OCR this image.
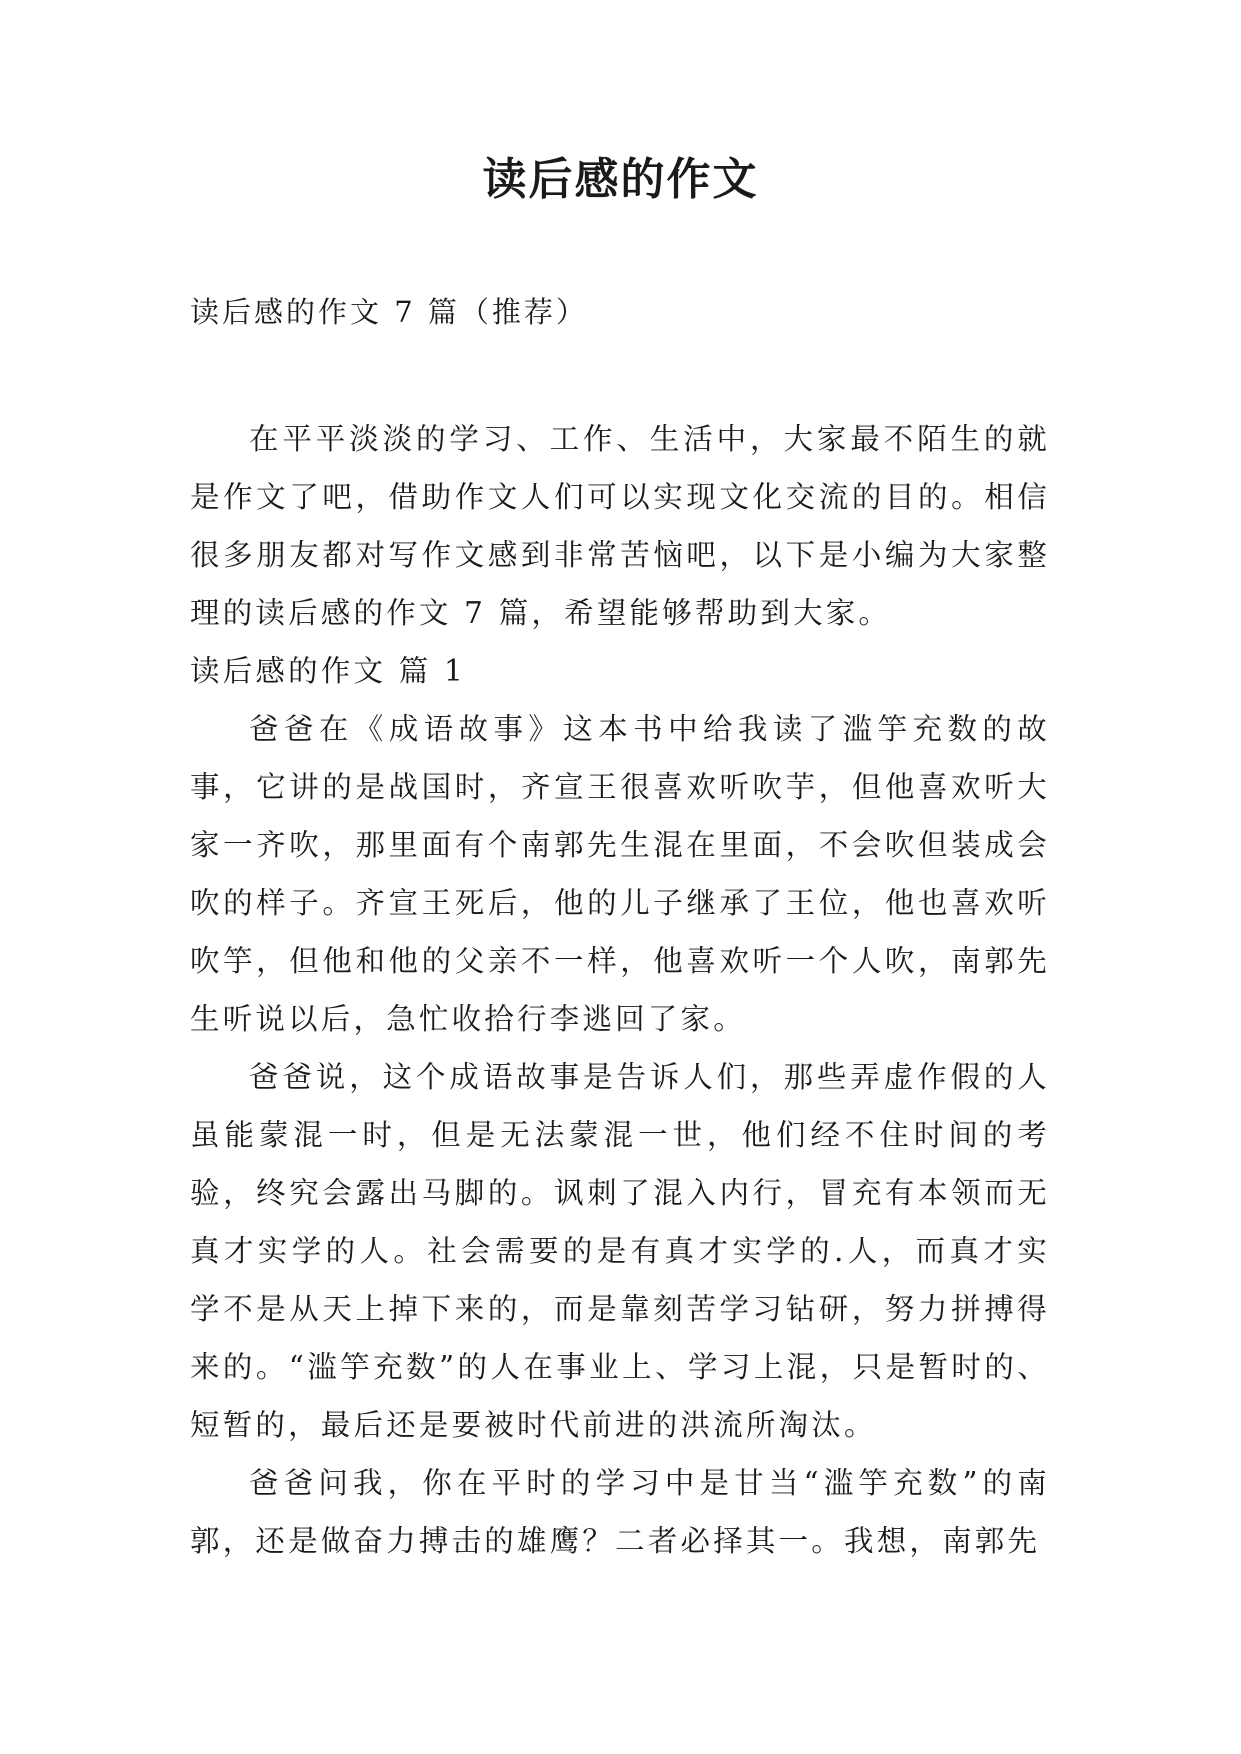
读后感的作文
读后感的作文 7 篇（推荐）

在平平淡淡的学习、工作、生活中，大家最不陌生的就是作文了吧，借助作文人们可以实现文化交流的目的。相信很多朋友都对写作文感到非常苦恼吧，以下是小编为大家整理的读后感的作文 7 篇，希望能够帮助到大家。

读后感的作文 篇 1

爸爸在《成语故事》这本书中给我读了滥竽充数的故事，它讲的是战国时，齐宣王很喜欢听吹芋，但他喜欢听大家一齐吹，那里面有个南郭先生混在里面，不会吹但装成会吹的样子。齐宣王死后，他的儿子继承了王位，他也喜欢听吹竽，但他和他的父亲不一样，他喜欢听一个人吹，南郭先生听说以后，急忙收拾行李逃回了家。

爸爸说，这个成语故事是告诉人们，那些弄虚作假的人虽能蒙混一时，但是无法蒙混一世，他们经不住时间的考验，终究会露出马脚的。讽刺了混入内行，冒充有本领而无真才实学的人。社会需要的是有真才实学的.人，而真才实学不是从天上掉下来的，而是靠刻苦学习钻研，努力拼搏得来的。“滥竽充数”的人在事业上、学习上混，只是暂时的、短暂的，最后还是要被时代前进的洪流所淘汰。

爸爸问我，你在平时的学习中是甘当“滥竽充数”的南郭，还是做奋力搏击的雄鹰？二者必择其一。我想，南郭先
